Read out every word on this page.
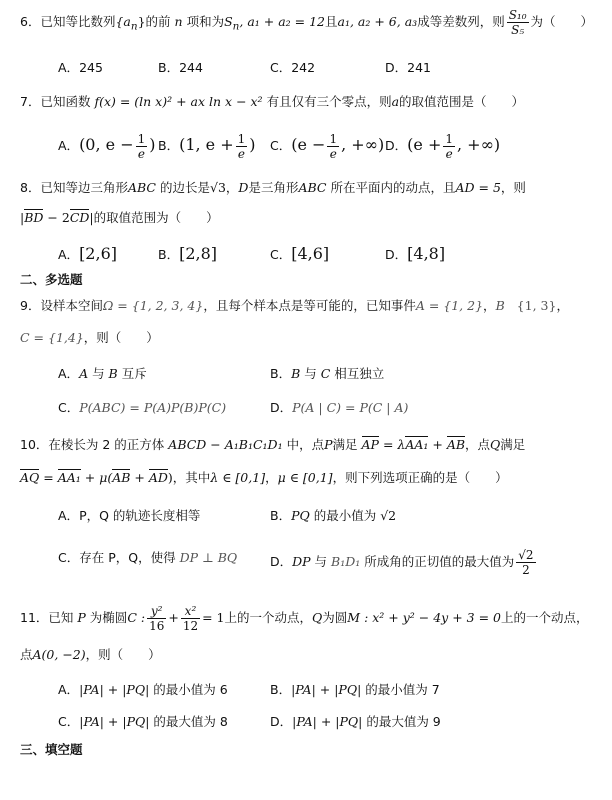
6．已知等比数列$\{a_n\}$的前 n 项和为$S_n$, a₁ + a₂ = 12且a₁, a₂ + 6, a₃成等差数列，则 $\frac{\text{S₁₀}}{\text{S₅}}$ 为（　　）
A．245	B．244	C．242	D．241
7．已知函数 f(x) = (ln x)² + ax ln x − x² 有且仅有三个零点，则a的取值范围是（　　）
A．(0, $e - \frac{1}{e}$ ) B．(1, $e + \frac{1}{e}$ ) C．($e - \frac{1}{e}$ , +∞) D．($e + \frac{1}{e}$ , +∞)
8．已知等边三角形ABC 的边长是√3，D是三角形ABC 所在平面内的动点，且AD = 5，则
|BD − 2CD|的取值范围为（　　）
A．[2,6]	B．[2,8]	C．[4,6]	D．[4,8]
二、多选题
9．设样本空间Ω = {1, 2, 3, 4}，且每个样本点是等可能的，已知事件A = {1, 2}，B {1, 3}，
C = {1,4}，则（　　）
A．A 与 B 互斥	B．B 与 C 相互独立
C．P(ABC) = P(A)P(B)P(C)	D．P(A | C) = P(C | A)
10．在棱长为 2 的正方体 ABCD − A₁B₁C₁D₁ 中，点P满足 AP = λAA₁ + AB，点Q满足
AQ = AA₁ + μ(AB + AD)，其中λ ∈ [0,1]，μ ∈ [0,1]，则下列选项正确的是（　　）
A．P，Q 的轨迹长度相等	B．PQ 的最小值为 √2
C．存在 P，Q，使得 DP ⊥ BQ	D．DP 与 B₁D₁ 所成角的正切值的最大值为 $\frac{√2}{2}$
11．已知 P 为椭圆C : $\frac{\text{y²}}{16} + \frac{\text{x²}}{12} = 1$上的一个动点，Q为圆M : x² + y² − 4y + 3 = 0上的一个动点，
点A(0, −2)，则（　　）
A．|PA| + |PQ| 的最小值为 6	B．|PA| + |PQ| 的最小值为 7
C．|PA| + |PQ| 的最大值为 8	D．|PA| + |PQ| 的最大值为 9
三、填空题
